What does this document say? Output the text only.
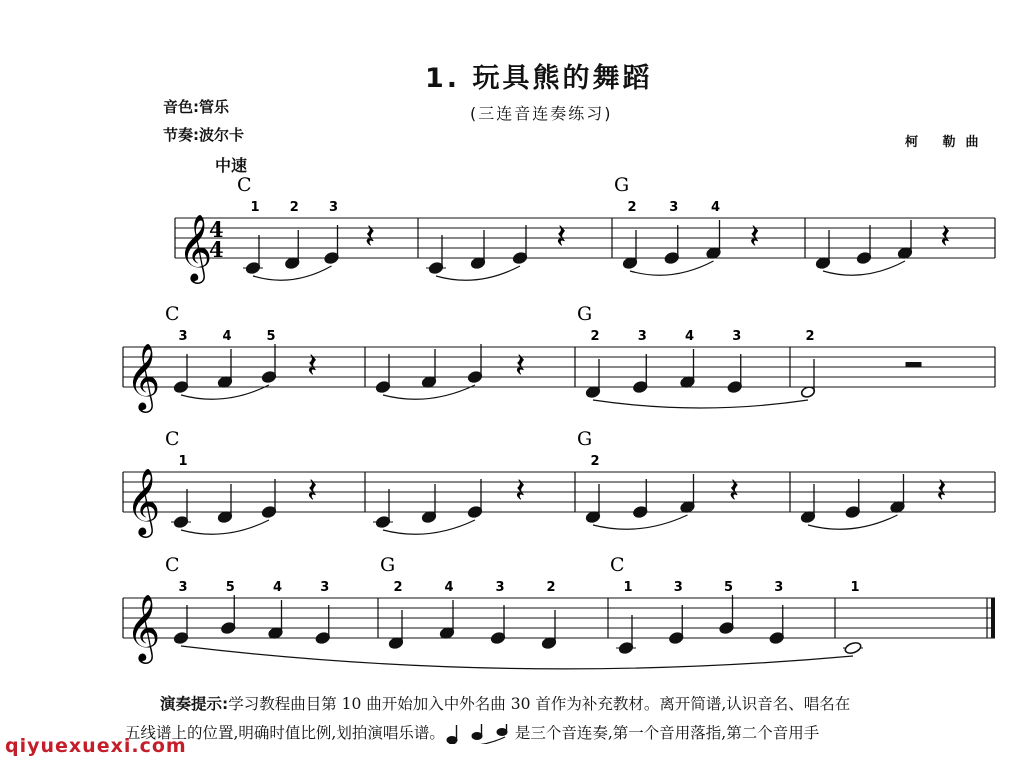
1. 玩具熊的舞蹈
(三连音连奏练习)
音色:管乐
节奏:波尔卡	柯 勒曲
中速
𝄞
4
4
C	G
1 2 3
𝄽	𝄽
2	3	4
𝄽	𝄽
𝄞
C	G
3	4	5
𝄽	𝄽
2	3	4	3	2
𝄞
C	G
1
𝄽	𝄽
2
𝄽	𝄽
𝄞
C	G	C
3	5	4	3	2	4	3	2	1	3	5	3	1
演奏提示:学习教程曲目第 10 曲开始加入中外名曲 30 首作为补充教材。离开简谱,认识音名、唱名在
五线谱上的位置,明确时值比例,划拍演唱乐谱。	是三个音连奏,第一个音用落指,第二个音用手
qiyuexuexi.com
